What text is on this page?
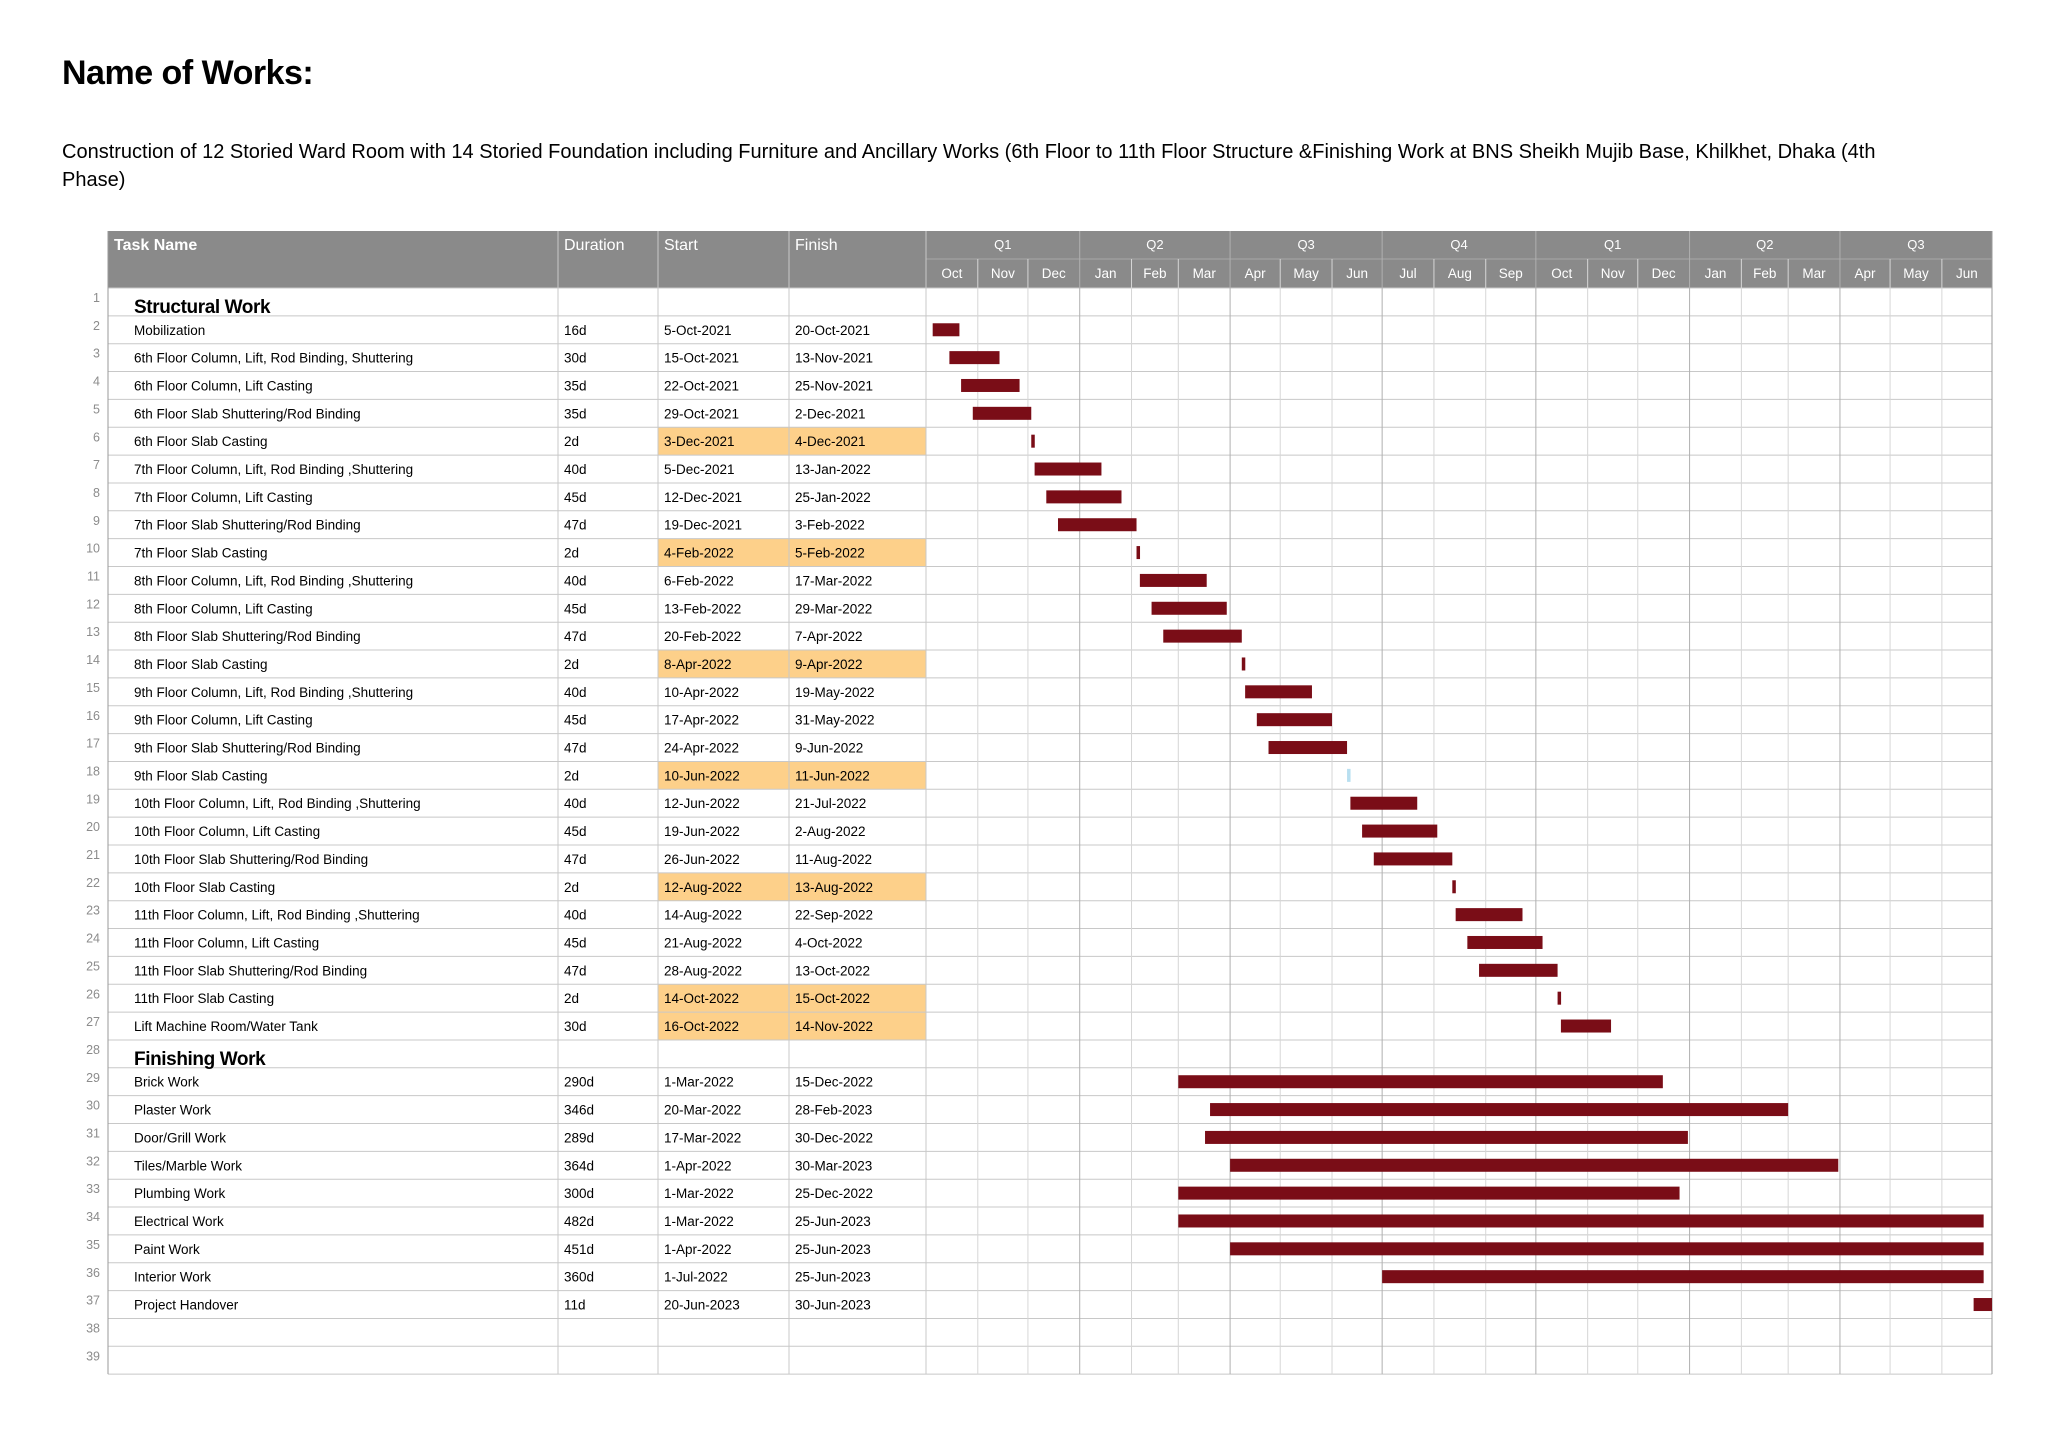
Name of Works:
Construction of 12 Storied Ward Room with 14 Storied Foundation including Furniture and Ancillary Works (6th Floor to 11th Floor Structure &Finishing Work at BNS Sheikh Mujib Base, Khilkhet, Dhaka (4th Phase)
Task Name	Duration Start	Finish	Q1	Q2	Q3	Q4	Q1	Q2	Q3
Oct Nov Dec Jan Feb Mar Apr May Jun Jul Aug Sep Oct Nov Dec Jan Feb Mar Apr May Jun
1 Structural Work
2	Mobilization	16d	5-Oct-2021	20-Oct-2021
3	6th Floor Column, Lift, Rod Binding, Shuttering	30d	15-Oct-2021	13-Nov-2021
4	6th Floor Column, Lift Casting	35d	22-Oct-2021	25-Nov-2021
5	6th Floor Slab Shuttering/Rod Binding	35d	29-Oct-2021	2-Dec-2021
6	6th Floor Slab Casting	2d	3-Dec-2021	4-Dec-2021
7	7th Floor Column, Lift, Rod Binding ,Shuttering	40d	5-Dec-2021	13-Jan-2022
8	7th Floor Column, Lift Casting	45d	12-Dec-2021	25-Jan-2022
9	7th Floor Slab Shuttering/Rod Binding	47d	19-Dec-2021	3-Feb-2022
10	7th Floor Slab Casting	2d	4-Feb-2022	5-Feb-2022
11	8th Floor Column, Lift, Rod Binding ,Shuttering	40d	6-Feb-2022	17-Mar-2022
12	8th Floor Column, Lift Casting	45d	13-Feb-2022	29-Mar-2022
13	8th Floor Slab Shuttering/Rod Binding	47d	20-Feb-2022	7-Apr-2022
14	8th Floor Slab Casting	2d	8-Apr-2022	9-Apr-2022
15	9th Floor Column, Lift, Rod Binding ,Shuttering	40d	10-Apr-2022	19-May-2022
16	9th Floor Column, Lift Casting	45d	17-Apr-2022	31-May-2022
17	9th Floor Slab Shuttering/Rod Binding	47d	24-Apr-2022	9-Jun-2022
18	9th Floor Slab Casting	2d	10-Jun-2022	11-Jun-2022
19	10th Floor Column, Lift, Rod Binding ,Shuttering	40d	12-Jun-2022	21-Jul-2022
20	10th Floor Column, Lift Casting	45d	19-Jun-2022	2-Aug-2022
21	10th Floor Slab Shuttering/Rod Binding	47d	26-Jun-2022	11-Aug-2022
22	10th Floor Slab Casting	2d	12-Aug-2022	13-Aug-2022
23	11th Floor Column, Lift, Rod Binding ,Shuttering	40d	14-Aug-2022	22-Sep-2022
24	11th Floor Column, Lift Casting	45d	21-Aug-2022	4-Oct-2022
25	11th Floor Slab Shuttering/Rod Binding	47d	28-Aug-2022	13-Oct-2022
26	11th Floor Slab Casting	2d	14-Oct-2022	15-Oct-2022
27	Lift Machine Room/Water Tank	30d	16-Oct-2022	14-Nov-2022
28 Finishing Work
29	Brick Work	290d	1-Mar-2022	15-Dec-2022
30	Plaster Work	346d	20-Mar-2022	28-Feb-2023
31	Door/Grill Work	289d	17-Mar-2022	30-Dec-2022
32	Tiles/Marble Work	364d	1-Apr-2022	30-Mar-2023
33	Plumbing Work	300d	1-Mar-2022	25-Dec-2022
34	Electrical Work	482d	1-Mar-2022	25-Jun-2023
35	Paint Work	451d	1-Apr-2022	25-Jun-2023
36	Interior Work	360d	1-Jul-2022	25-Jun-2023
37	Project Handover	11d	20-Jun-2023	30-Jun-2023
38
39
